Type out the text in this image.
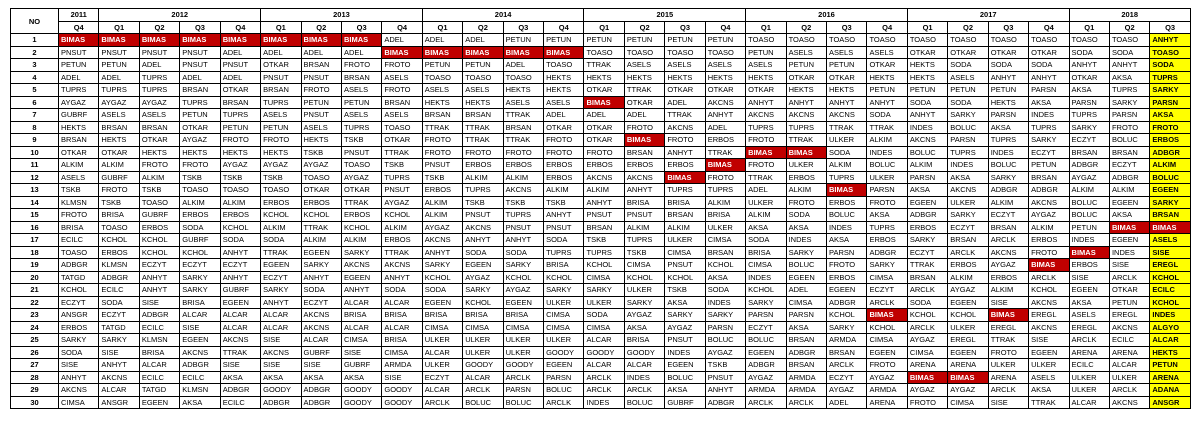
NO	2011	2012				2013				2014				2015				2016				2017				2018		
	Q4	Q1	Q2	Q3	Q4	Q1	Q2	Q3	Q4	Q1	Q2	Q3	Q4	Q1	Q2	Q3	Q4	Q1	Q2	Q3	Q4	Q1	Q2	Q3	Q4	Q1	Q2	Q3
1	BIMAS	BIMAS	BIMAS	BIMAS	BIMAS	BIMAS	BIMAS	BIMAS	ADEL	ADEL	ADEL	PETUN	PETUN	PETUN	PETUN	PETUN	PETUN	TOASO	TOASO	TOASO	TOASO	TOASO	TOASO	TOASO	TOASO	TOASO	TOASO	ANHYT
2	PNSUT	PNSUT	PNSUT	PNSUT	ADEL	ADEL	ADEL	ADEL	BIMAS	BIMAS	BIMAS	BIMAS	BIMAS	TOASO	TOASO	TOASO	TOASO	PETUN	ASELS	ASELS	ASELS	OTKAR	OTKAR	OTKAR	OTKAR	SODA	SODA	TOASO
3	PETUN	PETUN	ADEL	PNSUT	PNSUT	OTKAR	BRSAN	FROTO	FROTO	PETUN	PETUN	ADEL	TOASO	TTRAK	ASELS	ASELS	ASELS	ASELS	PETUN	PETUN	OTKAR	HEKTS	SODA	SODA	SODA	ANHYT	ANHYT	SODA
4	ADEL	ADEL	TUPRS	ADEL	ADEL	PNSUT	PNSUT	BRSAN	ASELS	TOASO	TOASO	TOASO	HEKTS	HEKTS	HEKTS	HEKTS	HEKTS	HEKTS	OTKAR	OTKAR	HEKTS	HEKTS	ASELS	ANHYT	ANHYT	OTKAR	AKSA	TUPRS
5	TUPRS	TUPRS	TUPRS	BRSAN	OTKAR	BRSAN	FROTO	ASELS	FROTO	ASELS	ASELS	HEKTS	HEKTS	OTKAR	TTRAK	OTKAR	OTKAR	OTKAR	HEKTS	HEKTS	PETUN	PETUN	PETUN	PETUN	PARSN	AKSA	TUPRS	SARKY
6	AYGAZ	AYGAZ	AYGAZ	TUPRS	BRSAN	TUPRS	PETUN	PETUN	BRSAN	HEKTS	HEKTS	ASELS	ASELS	BIMAS	OTKAR	ADEL	AKCNS	ANHYT	ANHYT	ANHYT	ANHYT	SODA	SODA	HEKTS	AKSA	PARSN	SARKY	PARSN
7	GUBRF	ASELS	ASELS	PETUN	TUPRS	ASELS	PNSUT	ASELS	ASELS	BRSAN	BRSAN	TTRAK	ADEL	ADEL	ADEL	TTRAK	ANHYT	AKCNS	AKCNS	AKCNS	SODA	ANHYT	SARKY	PARSN	INDES	TUPRS	PARSN	AKSA
8	HEKTS	BRSAN	BRSAN	OTKAR	PETUN	PETUN	ASELS	TUPRS	TOASO	TTRAK	TTRAK	BRSAN	OTKAR	OTKAR	FROTO	AKCNS	ADEL	TUPRS	TUPRS	TTRAK	TTRAK	INDES	BOLUC	AKSA	TUPRS	SARKY	FROTO	FROTO
9	BRSAN	HEKTS	OTKAR	AYGAZ	FROTO	FROTO	HEKTS	TSKB	OTKAR	FROTO	TTRAK	TTRAK	FROTO	OTKAR	BIMAS	FROTO	ERBOS	FROTO	TTRAK	ULKER	ALKIM	AKCNS	PARSN	TUPRS	SARKY	ECZYT	BOLUC	ERBOS
10	OTKAR	OTKAR	HEKTS	HEKTS	HEKTS	HEKTS	TSKB	PNSUT	TTRAK	FROTO	FROTO	FROTO	FROTO	FROTO	BRSAN	ANHYT	TTRAK	BIMAS	BIMAS	SODA	INDES	BOLUC	TUPRS	INDES	ECZYT	BRSAN	BRSAN	ADBGR
11	ALKIM	ALKIM	FROTO	FROTO	AYGAZ	AYGAZ	AYGAZ	TOASO	TSKB	PNSUT	ERBOS	ERBOS	ERBOS	ERBOS	ERBOS	ERBOS	BIMAS	FROTO	ULKER	ALKIM	BOLUC	ALKIM	INDES	BOLUC	PETUN	ADBGR	ECZYT	ALKIM
12	ASELS	GUBRF	ALKIM	TSKB	TSKB	TSKB	TOASO	AYGAZ	TUPRS	TSKB	ALKIM	ALKIM	ERBOS	AKCNS	AKCNS	BIMAS	FROTO	TTRAK	ERBOS	TUPRS	ULKER	PARSN	AKSA	SARKY	BRSAN	AYGAZ	ADBGR	BOLUC
13	TSKB	FROTO	TSKB	TOASO	TOASO	TOASO	OTKAR	OTKAR	PNSUT	ERBOS	TUPRS	AKCNS	ALKIM	ALKIM	ANHYT	TUPRS	TUPRS	ADEL	ALKIM	BIMAS	PARSN	AKSA	AKCNS	ADBGR	ADBGR	ALKIM	ALKIM	EGEEN
14	KLMSN	TSKB	TOASO	ALKIM	ALKIM	ERBOS	ERBOS	TTRAK	AYGAZ	ALKIM	TSKB	TSKB	TSKB	ANHYT	BRISA	BRISA	ALKIM	ULKER	FROTO	ERBOS	FROTO	EGEEN	ULKER	ALKIM	AKCNS	BOLUC	EGEEN	SARKY
15	FROTO	BRISA	GUBRF	ERBOS	ERBOS	KCHOL	KCHOL	ERBOS	KCHOL	ALKIM	PNSUT	TUPRS	ANHYT	PNSUT	PNSUT	BRSAN	BRISA	ALKIM	SODA	BOLUC	AKSA	ADBGR	SARKY	ECZYT	AYGAZ	BOLUC	AKSA	BRSAN
16	BRISA	TOASO	ERBOS	SODA	KCHOL	ALKIM	TTRAK	KCHOL	ALKIM	AYGAZ	AKCNS	PNSUT	PNSUT	BRSAN	ALKIM	ALKIM	ULKER	AKSA	AKSA	INDES	TUPRS	ERBOS	ECZYT	BRSAN	ALKIM	PETUN	BIMAS	BIMAS
17	ECILC	KCHOL	KCHOL	GUBRF	SODA	SODA	ALKIM	ALKIM	ERBOS	AKCNS	ANHYT	ANHYT	SODA	TSKB	TUPRS	ULKER	CIMSA	SODA	INDES	AKSA	ERBOS	SARKY	BRSAN	ARCLK	ERBOS	INDES	EGEEN	ASELS
18	TOASO	ERBOS	KCHOL	KCHOL	ANHYT	TTRAK	EGEEN	SARKY	TTRAK	ANHYT	SODA	SODA	TUPRS	TUPRS	TSKB	CIMSA	BRSAN	BRISA	SARKY	PARSN	ADBGR	ECZYT	ARCLK	AKCNS	FROTO	BIMAS	INDES	SISE
19	ADBGR	KLMSN	ECZYT	ECZYT	ECZYT	EGEEN	SARKY	AKCNS	AKCNS	SARKY	EGEEN	SARKY	BRISA	KCHOL	CIMSA	PNSUT	KCHOL	CIMSA	BOLUC	FROTO	SARKY	TTRAK	ERBOS	AYGAZ	BIMAS	ERBOS	SISE	EREGL
20	TATGD	ADBGR	ANHYT	SARKY	ANHYT	ECZYT	ANHYT	EGEEN	ANHYT	KCHOL	AYGAZ	KCHOL	KCHOL	CIMSA	KCHOL	KCHOL	AKSA	INDES	EGEEN	ERBOS	CIMSA	BRSAN	ALKIM	ERBOS	ARCLK	SISE	ARCLK	KCHOL
21	KCHOL	ECILC	ANHYT	SARKY	GUBRF	SARKY	SODA	ANHYT	SODA	SODA	SARKY	AYGAZ	SARKY	SARKY	ULKER	TSKB	SODA	KCHOL	ADEL	EGEEN	ECZYT	ARCLK	AYGAZ	ALKIM	KCHOL	EGEEN	OTKAR	ECILC
22	ECZYT	SODA	SISE	BRISA	EGEEN	ANHYT	ECZYT	ALCAR	ALCAR	EGEEN	KCHOL	EGEEN	ULKER	ULKER	SARKY	AKSA	INDES	SARKY	CIMSA	ADBGR	ARCLK	SODA	EGEEN	SISE	AKCNS	AKSA	PETUN	KCHOL
23	ANSGR	ECZYT	ADBGR	ALCAR	ALCAR	ALCAR	AKCNS	BRISA	BRISA	BRISA	BRISA	BRISA	CIMSA	SODA	AYGAZ	SARKY	SARKY	PARSN	PARSN	KCHOL	BIMAS	KCHOL	KCHOL	BIMAS	EREGL	ASELS	EREGL	INDES
24	ERBOS	TATGD	ECILC	SISE	ALCAR	ALCAR	AKCNS	ALCAR	ALCAR	CIMSA	CIMSA	CIMSA	CIMSA	CIMSA	AKSA	AYGAZ	PARSN	ECZYT	AKSA	SARKY	KCHOL	ARCLK	ULKER	EREGL	AKCNS	EREGL	AKCNS	ALGYO
25	SARKY	SARKY	KLMSN	EGEEN	AKCNS	SISE	ALCAR	CIMSA	BRISA	ULKER	ULKER	ULKER	ULKER	ALCAR	BRISA	PNSUT	BOLUC	BOLUC	BRSAN	ARMDA	CIMSA	AYGAZ	EREGL	TTRAK	SISE	ARCLK	ECILC	ALCAR
26	SODA	SISE	BRISA	AKCNS	TTRAK	AKCNS	GUBRF	SISE	CIMSA	ALCAR	ULKER	ULKER	GOODY	GOODY	GOODY	INDES	AYGAZ	EGEEN	ADBGR	BRSAN	EGEEN	CIMSA	EGEEN	FROTO	EGEEN	ARENA	ARENA	HEKTS
27	SISE	ANHYT	ALCAR	ADBGR	SISE	SISE	SISE	GUBRF	ARMDA	ULKER	GOODY	GOODY	EGEEN	ALCAR	ALCAR	EGEEN	TSKB	ADBGR	BRSAN	ARCLK	FROTO	ARENA	ARENA	ULKER	ULKER	ECILC	ALCAR	PETUN
28	ANHYT	AKCNS	ECILC	ECILC	AKSA	AKSA	AKSA	AKSA	SISE	ECZYT	ALCAR	ARCLK	PARSN	ARCLK	INDES	BOLUC	PNSUT	AYGAZ	ARMDA	ECZYT	AYGAZ	BIMAS	BIMAS	ARENA	ASELS	ULKER	ULKER	ARENA
29	AKCNS	ALCAR	TATGD	KLMSN	ADBGR	GOODY	ADBGR	GOODY	GOODY	ALCAR	ARCLK	PARSN	BOLUC	ARCLK	ARCLK	AKSA	ANHYT	ARMDA	ARMDA	AYGAZ	ARMDA	AYGAZ	AYGAZ	ARCLK	AKSA	ULKER	ARCLK	ADANA
30	CIMSA	ANSGR	EGEEN	AKSA	ECILC	ADBGR	ADBGR	GOODY	GOODY	ARCLK	BOLUC	BOLUC	ARCLK	INDES	BOLUC	GUBRF	ADBGR	ARCLK	ARCLK	ADEL	ARENA	FROTO	CIMSA	SISE	TTRAK	ALCAR	AKCNS	ANSGR
